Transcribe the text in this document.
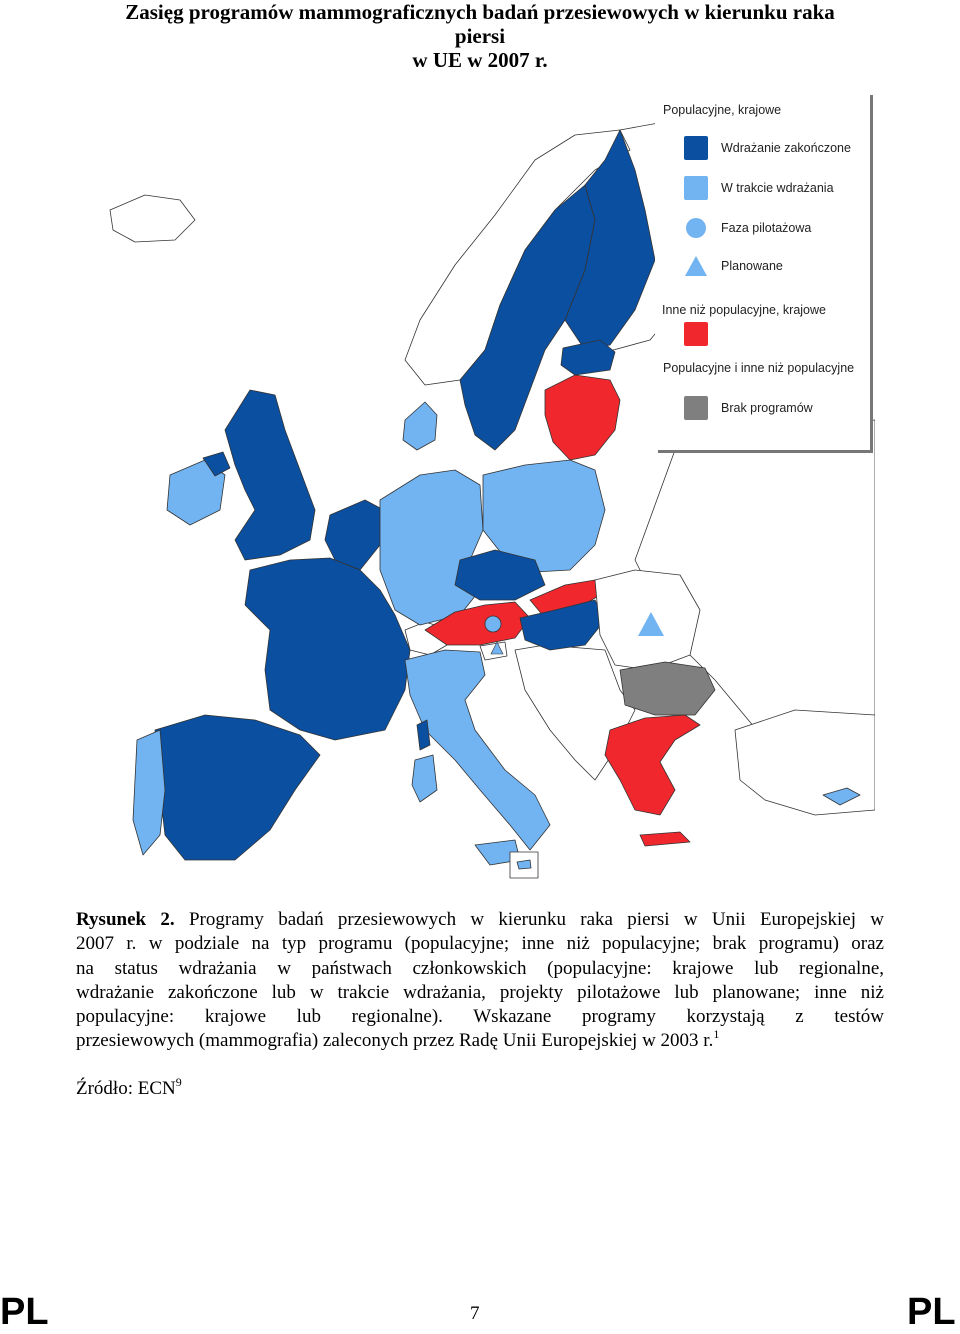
Zasięg programów mammograficznych badań przesiewowych w kierunku raka
piersi
w UE w 2007 r.
Populacyjne, krajowe
Wdrażanie zakończone
W trakcie wdrażania
Faza pilotażowa
Planowane
Inne niż populacyjne, krajowe
Populacyjne i inne niż populacyjne
Brak programów
Rysunek 2. Programy badań przesiewowych w kierunku raka piersi w Unii Europejskiej w
2007 r. w podziale na typ programu (populacyjne; inne niż populacyjne; brak programu) oraz
na status wdrażania w państwach członkowskich (populacyjne: krajowe lub regionalne,
wdrażanie zakończone lub w trakcie wdrażania, projekty pilotażowe lub planowane; inne niż
populacyjne: krajowe lub regionalne). Wskazane programy korzystają z testów
przesiewowych (mammografia) zaleconych przez Radę Unii Europejskiej w 2003 r.$^1$
Źródło: ECN$^9$
PL	7	PL
